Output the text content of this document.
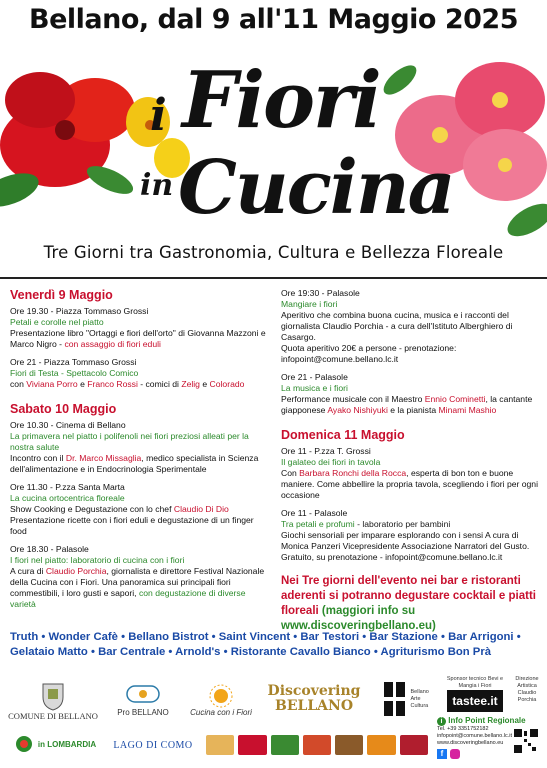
Bellano, dal 9 all'11 Maggio 2025
i Fiori
in Cucina
Tre Giorni tra Gastronomia, Cultura e Bellezza Floreale
Venerdì 9 Maggio
Ore 19.30 - Piazza Tommaso Grossi
Petali e corolle nel piatto
Presentazione libro "Ortaggi e fiori dell'orto" di Giovanna Mazzoni e Marco Nigro - con assaggio di fiori eduli
Ore 21 - Piazza Tommaso Grossi
Fiori di Testa - Spettacolo Comico
con Viviana Porro e Franco Rossi - comici di Zelig e Colorado
Sabato 10 Maggio
Ore 10.30 - Cinema di Bellano
La primavera nel piatto i polifenoli nei fiori preziosi alleati per la nostra salute
Incontro con il Dr. Marco Missaglia, medico specialista in Scienza dell'alimentazione e in Endocrinologia Sperimentale
Ore 11.30 - P.zza Santa Marta
La cucina ortocentrica floreale
Show Cooking e Degustazione con lo chef Claudio Di Dio
Presentazione ricette con i fiori eduli e degustazione di un finger food
Ore 18.30 - Palasole
I fiori nel piatto: laboratorio di cucina con i fiori
A cura di Claudio Porchia, giornalista e direttore Festival Nazionale della Cucina con i Fiori. Una panoramica sui principali fiori commestibili, i loro gusti e sapori, con degustazione di diverse varietà
Ore 19:30 - Palasole
Mangiare i fiori
Aperitivo che combina buona cucina, musica e i racconti del giornalista Claudio Porchia - a cura dell'Istituto Alberghiero di Casargo.
Quota aperitivo 20€ a persone - prenotazione: infopoint@comune.bellano.lc.it
Ore 21 - Palasole
La musica e i fiori
Performance musicale con il Maestro Ennio Cominetti, la cantante giapponese Ayako Nishiyuki e la pianista Minami Mashio
Domenica 11 Maggio
Ore 11 - P.zza T. Grossi
Il galateo dei fiori in tavola
Con Barbara Ronchi della Rocca, esperta di bon ton e buone maniere. Come abbellire la propria tavola, scegliendo i fiori per ogni occasione
Ore 11 - Palasole
Tra petali e profumi - laboratorio per bambini
Giochi sensoriali per imparare esplorando con i sensi A cura di Monica Panzeri Vicepresidente Associazione Narratori del Gusto.
Gratuito, su prenotazione - infopoint@comune.bellano.lc.it
Nei Tre giorni dell'evento nei bar e ristoranti aderenti si potranno degustare cocktail e piatti floreali (maggiori info su www.discoveringbellano.eu)
Truth • Wonder Cafè • Bellano Bistrot • Saint Vincent • Bar Testori • Bar Stazione • Bar Arrigoni • Gelataio Matto • Bar Centrale • Arnold's • Ristorante Cavallo Bianco • Agriturismo Bon Prà
COMUNE DI BELLANO Pro BELLANO	Cucina con i Fiori
Discovering BELLANO
Bellano Arte Cultura
Sponsor tecnico Bevi e Mangia i Fiori
tastee.it
Direzione Artistica Claudio Porchia
in LOMBARDIA LAGO DI COMO
i Info Point Regionale
Tel. +39 3351752182
infopoint@comune.bellano.lc.it
www.discoveringbellano.eu
f
